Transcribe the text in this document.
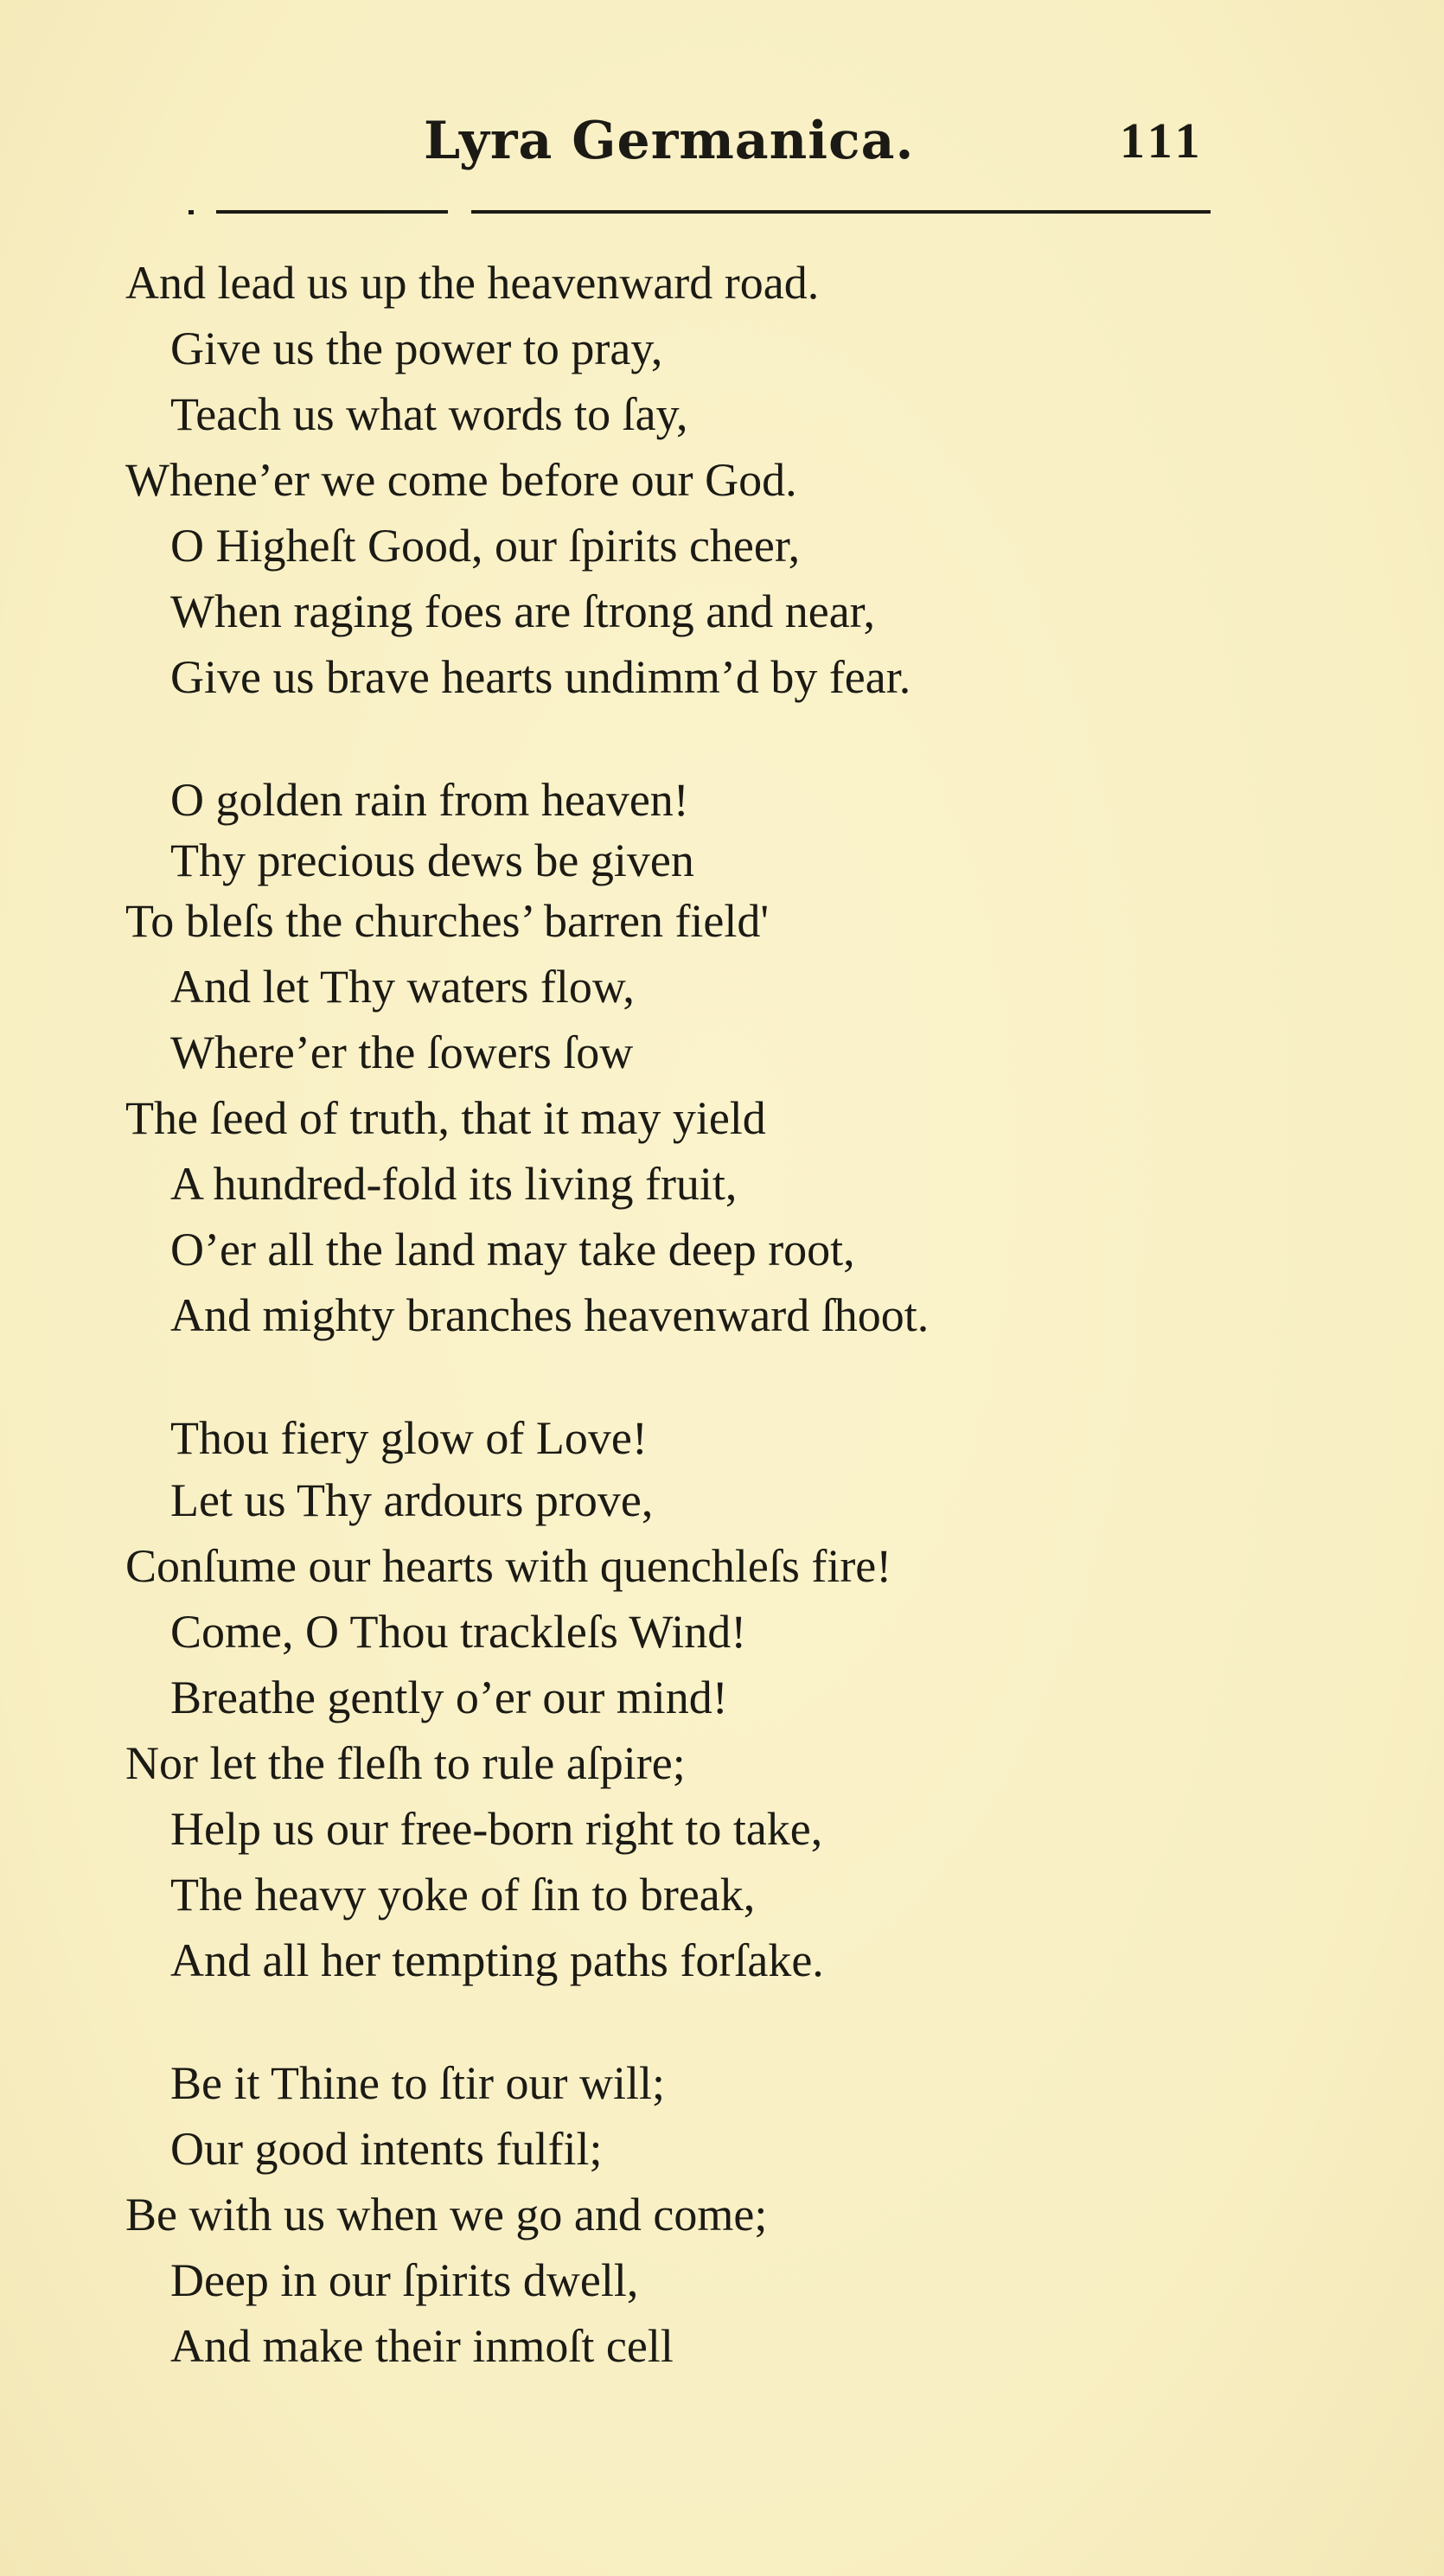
Lyra Germanica.	111
And lead us up the heavenward road.
Give us the power to pray,
Teach us what words to ſay,
Whene’er we come before our God.
O Higheſt Good, our ſpirits cheer,
When raging foes are ſtrong and near,
Give us brave hearts undimm’d by fear.
O golden rain from heaven!
Thy precious dews be given
To bleſs the churches’ barren field'
And let Thy waters flow,
Where’er the ſowers ſow
The ſeed of truth, that it may yield
A hundred-fold its living fruit,
O’er all the land may take deep root,
And mighty branches heavenward ſhoot.
Thou fiery glow of Love!
Let us Thy ardours prove,
Conſume our hearts with quenchleſs fire!
Come, O Thou trackleſs Wind!
Breathe gently o’er our mind!
Nor let the fleſh to rule aſpire;
Help us our free-born right to take,
The heavy yoke of ſin to break,
And all her tempting paths forſake.
Be it Thine to ſtir our will;
Our good intents fulfil;
Be with us when we go and come;
Deep in our ſpirits dwell,
And make their inmoſt cell
